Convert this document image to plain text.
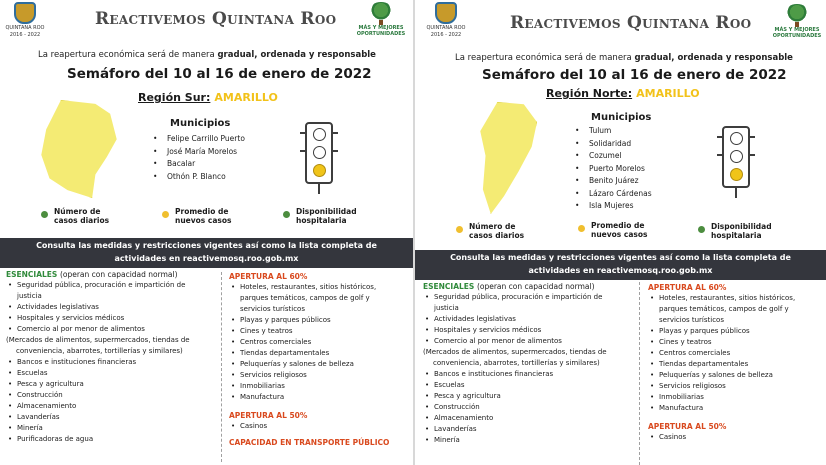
QUINTANA ROO
2016 - 2022
Reactivemos Quintana Roo	MÁS Y MEJORES
OPORTUNIDADES
La reapertura económica será de manera gradual, ordenada y responsable
Semáforo del 10 al 16 de enero de 2022
Región Sur: AMARILLO
Municipios
• Felipe Carrillo Puerto
• José María Morelos
• Bacalar
• Othón P. Blanco
Número de
casos diarios
Promedio de
nuevos casos
Disponibilidad
hospitalaria
Consulta las medidas y restricciones vigentes así como la lista completa de
actividades en reactivemosq.roo.gob.mx
ESENCIALES (operan con capacidad normal)
• Seguridad pública, procuración e impartición de
justicia
• Actividades legislativas
• Hospitales y servicios médicos
• Comercio al por menor de alimentos
(Mercados de alimentos, supermercados, tiendas de
conveniencia, abarrotes, tortillerías y similares)
• Bancos e instituciones financieras
• Escuelas
• Pesca y agricultura
• Construcción
• Almacenamiento
• Lavanderías
• Minería
• Purificadoras de agua
APERTURA AL 60%
• Hoteles, restaurantes, sitios históricos,
parques temáticos, campos de golf y
servicios turísticos
• Playas y parques públicos
• Cines y teatros
• Centros comerciales
• Tiendas departamentales
• Peluquerías y salones de belleza
• Servicios religiosos
• Inmobiliarias
• Manufactura
APERTURA AL 50%
• Casinos
CAPACIDAD EN TRANSPORTE PÚBLICO
QUINTANA ROO
2016 - 2022
Reactivemos Quintana Roo	MÁS Y MEJORES
OPORTUNIDADES
La reapertura económica será de manera gradual, ordenada y responsable
Semáforo del 10 al 16 de enero de 2022
Región Norte: AMARILLO
Municipios
• Tulum
• Solidaridad
• Cozumel
• Puerto Morelos
• Benito Juárez
• Lázaro Cárdenas
• Isla Mujeres
Número de
casos diarios
Promedio de
nuevos casos
Disponibilidad
hospitalaria
Consulta las medidas y restricciones vigentes así como la lista completa de
actividades en reactivemosq.roo.gob.mx
ESENCIALES (operan con capacidad normal)
• Seguridad pública, procuración e impartición de
justicia
• Actividades legislativas
• Hospitales y servicios médicos
• Comercio al por menor de alimentos
(Mercados de alimentos, supermercados, tiendas de
conveniencia, abarrotes, tortillerías y similares)
• Bancos e instituciones financieras
• Escuelas
• Pesca y agricultura
• Construcción
• Almacenamiento
• Lavanderías
• Minería
APERTURA AL 60%
• Hoteles, restaurantes, sitios históricos,
parques temáticos, campos de golf y
servicios turísticos
• Playas y parques públicos
• Cines y teatros
• Centros comerciales
• Tiendas departamentales
• Peluquerías y salones de belleza
• Servicios religiosos
• Inmobiliarias
• Manufactura
APERTURA AL 50%
• Casinos
